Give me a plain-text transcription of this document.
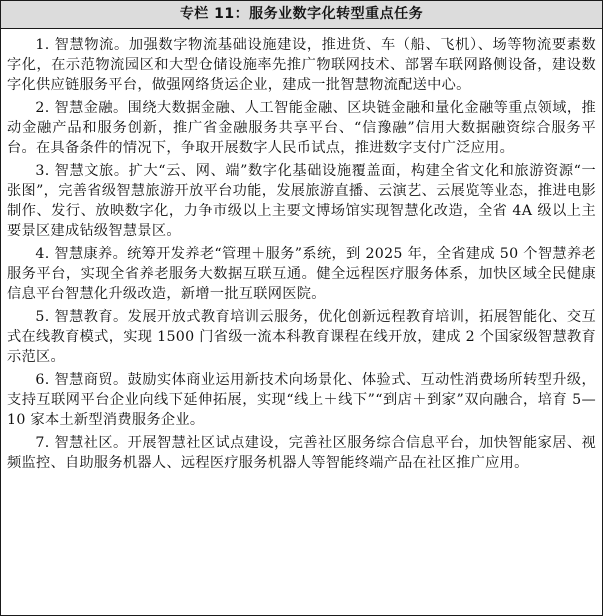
专栏 11：服务业数字化转型重点任务

1. 智慧物流。加强数字物流基础设施建设，推进货、车（船、飞机）、场等物流要素数字化，在示范物流园区和大型仓储设施率先推广物联网技术、部署车联网路侧设备，建设数字化供应链服务平台，做强网络货运企业，建成一批智慧物流配送中心。

2. 智慧金融。围绕大数据金融、人工智能金融、区块链金融和量化金融等重点领域，推动金融产品和服务创新，推广省金融服务共享平台、“信豫融”信用大数据融资综合服务平台。在具备条件的情况下，争取开展数字人民币试点，推进数字支付广泛应用。

3. 智慧文旅。扩大“云、网、端”数字化基础设施覆盖面，构建全省文化和旅游资源“一张图”，完善省级智慧旅游开放平台功能，发展旅游直播、云演艺、云展览等业态，推进电影制作、发行、放映数字化，力争市级以上主要文博场馆实现智慧化改造，全省 4A 级以上主要景区建成钻级智慧景区。

4. 智慧康养。统筹开发养老“管理＋服务”系统，到 2025 年，全省建成 50 个智慧养老服务平台，实现全省养老服务大数据互联互通。健全远程医疗服务体系，加快区域全民健康信息平台智慧化升级改造，新增一批互联网医院。

5. 智慧教育。发展开放式教育培训云服务，优化创新远程教育培训，拓展智能化、交互式在线教育模式，实现 1500 门省级一流本科教育课程在线开放，建成 2 个国家级智慧教育示范区。

6. 智慧商贸。鼓励实体商业运用新技术向场景化、体验式、互动性消费场所转型升级，支持互联网平台企业向线下延伸拓展，实现“线上＋线下”“到店＋到家”双向融合，培育 5—10 家本土新型消费服务企业。

7. 智慧社区。开展智慧社区试点建设，完善社区服务综合信息平台，加快智能家居、视频监控、自助服务机器人、远程医疗服务机器人等智能终端产品在社区推广应用。
